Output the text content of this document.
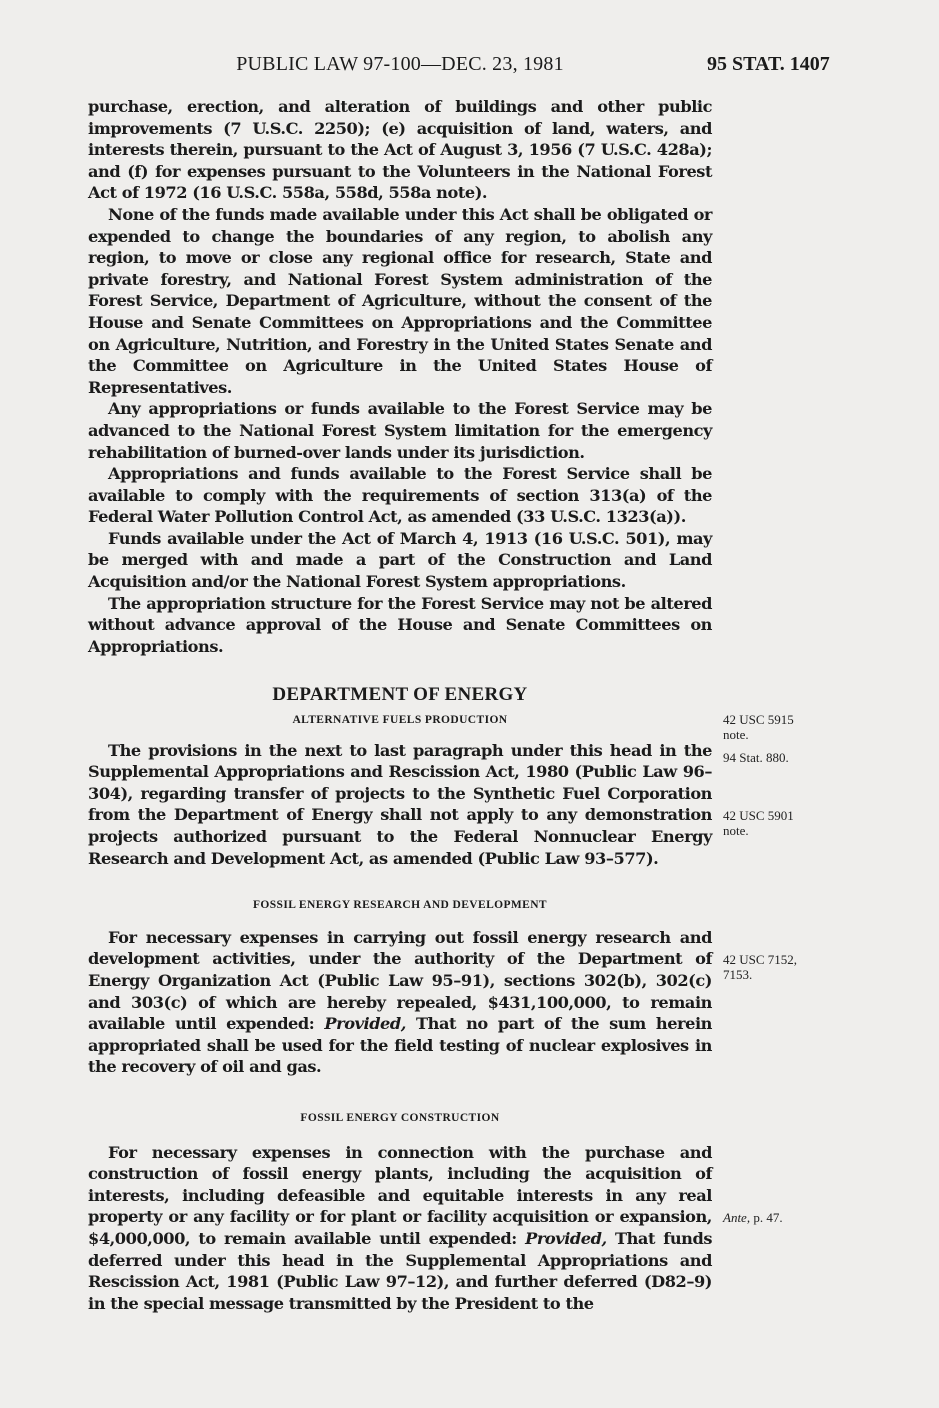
PUBLIC LAW 97-100—DEC. 23, 1981	95 STAT. 1407

purchase, erection, and alteration of buildings and other public improvements (7 U.S.C. 2250); (e) acquisition of land, waters, and interests therein, pursuant to the Act of August 3, 1956 (7 U.S.C. 428a); and (f) for expenses pursuant to the Volunteers in the National Forest Act of 1972 (16 U.S.C. 558a, 558d, 558a note).

None of the funds made available under this Act shall be obligated or expended to change the boundaries of any region, to abolish any region, to move or close any regional office for research, State and private forestry, and National Forest System administration of the Forest Service, Department of Agriculture, without the consent of the House and Senate Committees on Appropriations and the Committee on Agriculture, Nutrition, and Forestry in the United States Senate and the Committee on Agriculture in the United States House of Representatives.

Any appropriations or funds available to the Forest Service may be advanced to the National Forest System limitation for the emergency rehabilitation of burned-over lands under its jurisdiction.

Appropriations and funds available to the Forest Service shall be available to comply with the requirements of section 313(a) of the Federal Water Pollution Control Act, as amended (33 U.S.C. 1323(a)).

Funds available under the Act of March 4, 1913 (16 U.S.C. 501), may be merged with and made a part of the Construction and Land Acquisition and/or the National Forest System appropriations.

The appropriation structure for the Forest Service may not be altered without advance approval of the House and Senate Committees on Appropriations.

DEPARTMENT OF ENERGY

ALTERNATIVE FUELS PRODUCTION

The provisions in the next to last paragraph under this head in the Supplemental Appropriations and Rescission Act, 1980 (Public Law 96–304), regarding transfer of projects to the Synthetic Fuel Corporation from the Department of Energy shall not apply to any demonstration projects authorized pursuant to the Federal Nonnuclear Energy Research and Development Act, as amended (Public Law 93–577).

FOSSIL ENERGY RESEARCH AND DEVELOPMENT

For necessary expenses in carrying out fossil energy research and development activities, under the authority of the Department of Energy Organization Act (Public Law 95–91), sections 302(b), 302(c) and 303(c) of which are hereby repealed, $431,100,000, to remain available until expended: Provided, That no part of the sum herein appropriated shall be used for the field testing of nuclear explosives in the recovery of oil and gas.

FOSSIL ENERGY CONSTRUCTION

For necessary expenses in connection with the purchase and construction of fossil energy plants, including the acquisition of interests, including defeasible and equitable interests in any real property or any facility or for plant or facility acquisition or expansion, $4,000,000, to remain available until expended: Provided, That funds deferred under this head in the Supplemental Appropriations and Rescission Act, 1981 (Public Law 97–12), and further deferred (D82–9) in the special message transmitted by the President to the

42 USC 5915
note.
94 Stat. 880.
42 USC 5901
note.
42 USC 7152,
7153.
Ante, p. 47.
